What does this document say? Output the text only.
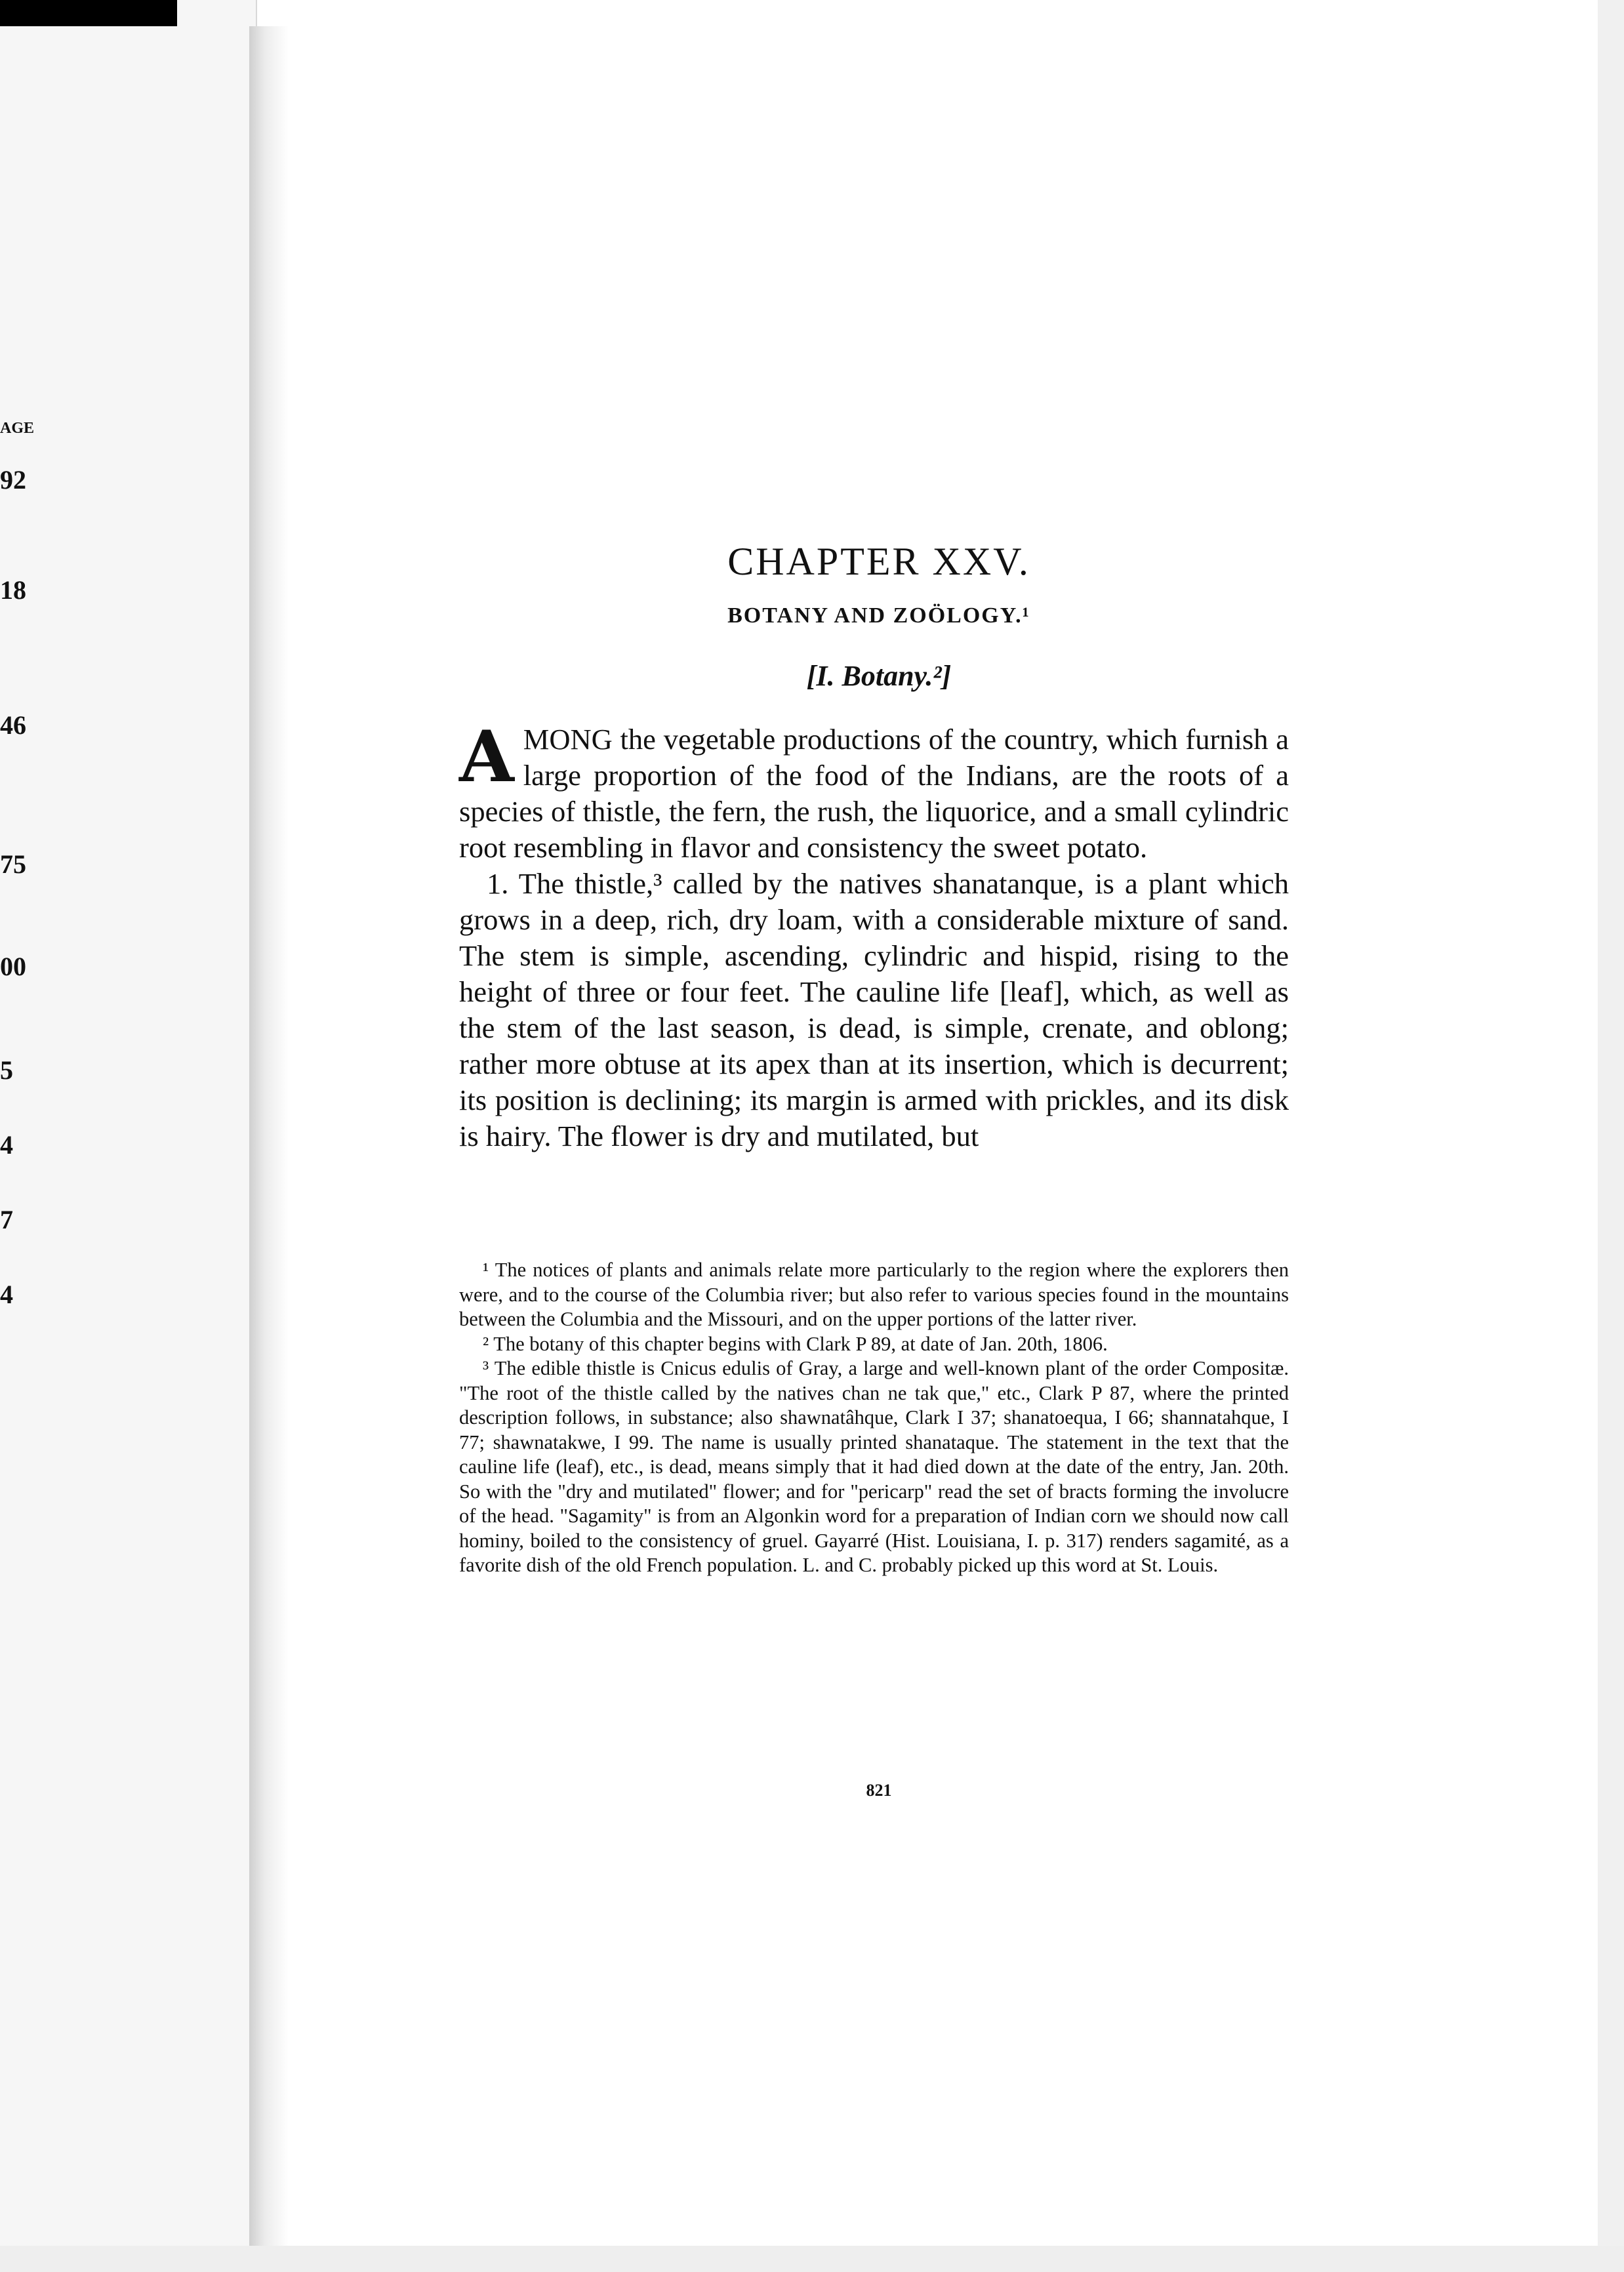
AGE
92
18
46
75
00
5
4
7
4
CHAPTER XXV.
BOTANY AND ZOÖLOGY.¹
[I. Botany.²]

AMONG the vegetable productions of the country, which furnish a large proportion of the food of the Indians, are the roots of a species of thistle, the fern, the rush, the liquorice, and a small cylindric root resembling in flavor and consistency the sweet potato.

1. The thistle,³ called by the natives shanatanque, is a plant which grows in a deep, rich, dry loam, with a considerable mixture of sand. The stem is simple, ascending, cylindric and hispid, rising to the height of three or four feet. The cauline life [leaf], which, as well as the stem of the last season, is dead, is simple, crenate, and oblong; rather more obtuse at its apex than at its insertion, which is decurrent; its position is declining; its margin is armed with prickles, and its disk is hairy. The flower is dry and mutilated, but

¹ The notices of plants and animals relate more particularly to the region where the explorers then were, and to the course of the Columbia river; but also refer to various species found in the mountains between the Columbia and the Missouri, and on the upper portions of the latter river.

² The botany of this chapter begins with Clark P 89, at date of Jan. 20th, 1806.

³ The edible thistle is Cnicus edulis of Gray, a large and well-known plant of the order Compositæ. "The root of the thistle called by the natives chan ne tak que," etc., Clark P 87, where the printed description follows, in substance; also shawnatâhque, Clark I 37; shanatoequa, I 66; shannatahque, I 77; shawnatakwe, I 99. The name is usually printed shanataque. The statement in the text that the cauline life (leaf), etc., is dead, means simply that it had died down at the date of the entry, Jan. 20th. So with the "dry and mutilated" flower; and for "pericarp" read the set of bracts forming the involucre of the head. "Sagamity" is from an Algonkin word for a preparation of Indian corn we should now call hominy, boiled to the consistency of gruel. Gayarré (Hist. Louisiana, I. p. 317) renders sagamité, as a favorite dish of the old French population. L. and C. probably picked up this word at St. Louis.

821
